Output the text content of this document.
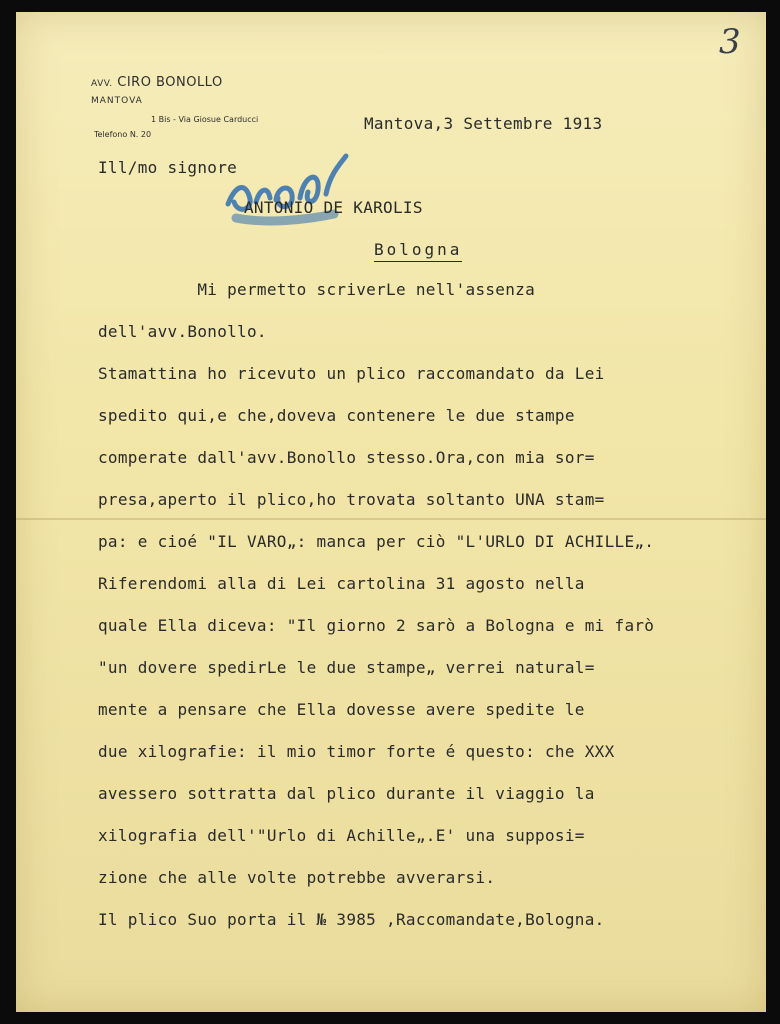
3
AVV. CIRO BONOLLO
MANTOVA
1 Bis - Via Giosue Carducci
Telefono N. 20
Mantova,3 Settembre 1913
Ill/mo signore
ANTONIO DE KAROLIS
Bologna

Mi permetto scriverLe nell'assenza

dell'avv.Bonollo.

Stamattina ho ricevuto un plico raccomandato da Lei

spedito qui,e che,doveva contenere le due stampe

comperate dall'avv.Bonollo stesso.Ora,con mia sor=

presa,aperto il plico,ho trovata soltanto UNA stam=

pa: e cioé "IL VARO„: manca per ciò "L'URLO DI ACHILLE„.

Riferendomi alla di Lei cartolina 31 agosto nella

quale Ella diceva: "Il giorno 2 sarò a Bologna e mi farò

"un dovere spedirLe le due stampe„ verrei natural=

mente a pensare che Ella dovesse avere spedite le

due xilografie: il mio timor forte é questo: che XXX

avessero sottratta dal plico durante il viaggio la

xilografia dell'"Urlo di Achille„.E' una supposi=

zione che alle volte potrebbe avverarsi.

Il plico Suo porta il № 3985 ,Raccomandate,Bologna.
